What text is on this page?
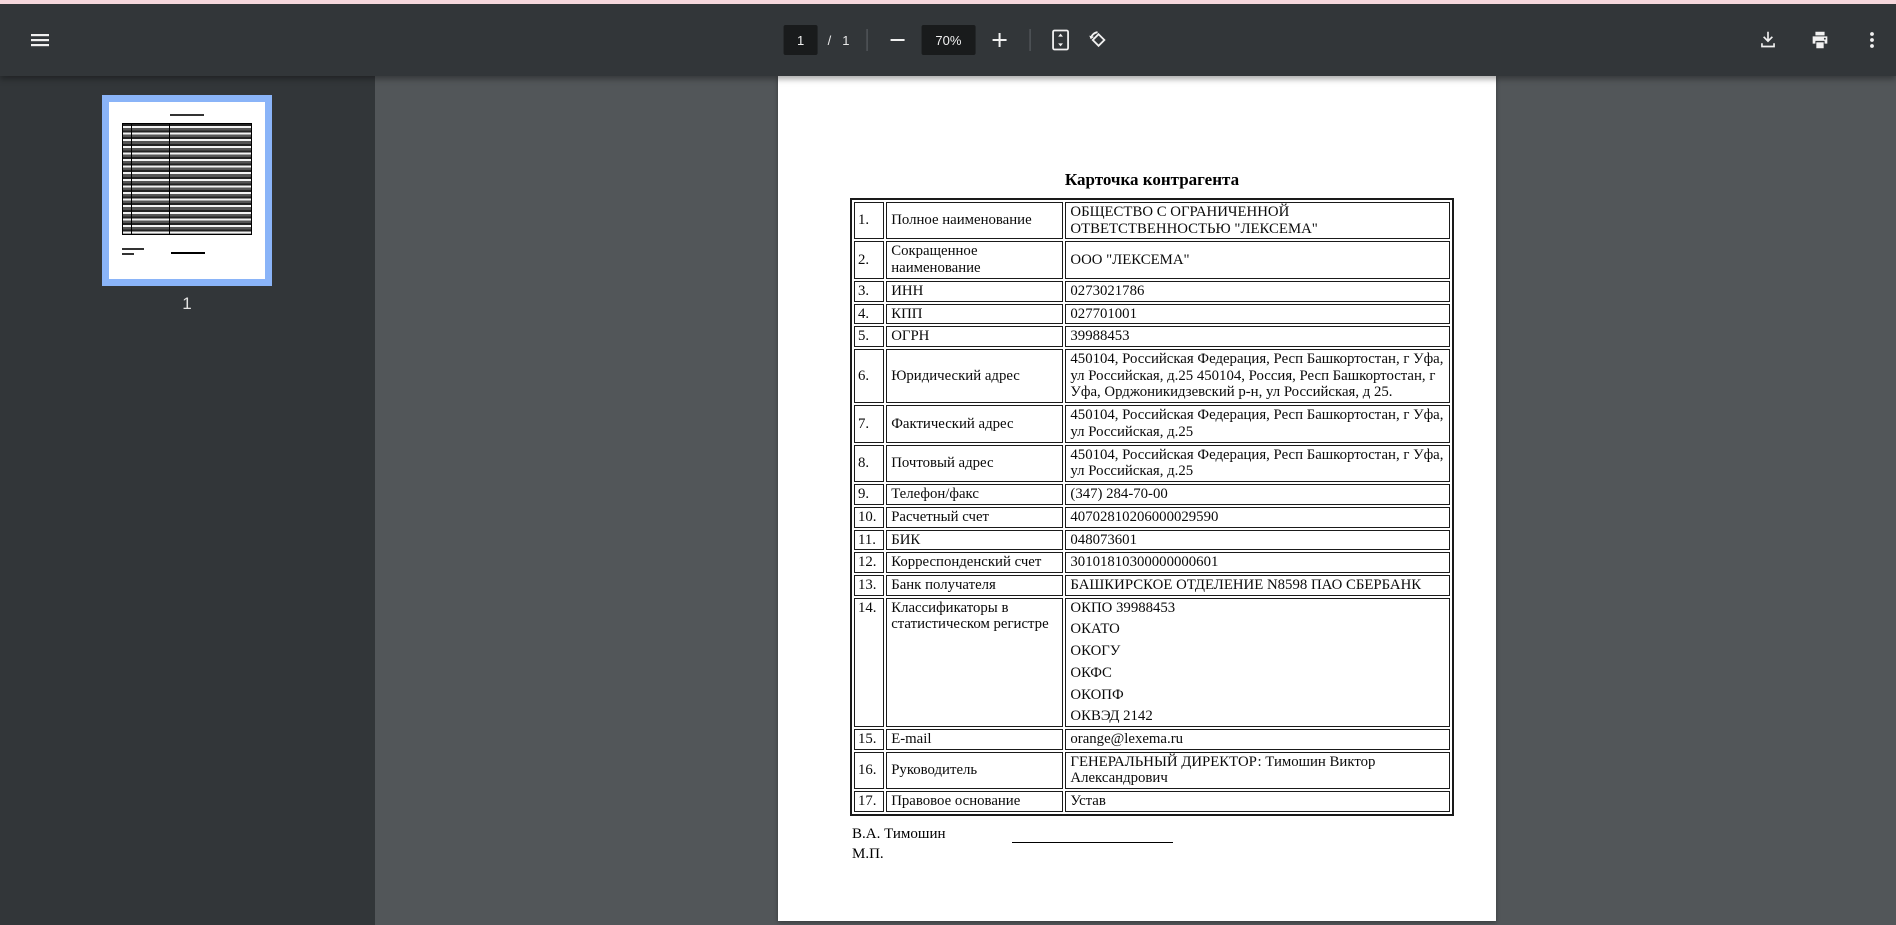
1
/ 1	70%
1
Карточка контрагента
1.	Полное наименование	ОБЩЕСТВО С ОГРАНИЧЕННОЙ ОТВЕТСТВЕННОСТЬЮ "ЛЕКСЕМА"
2.	Сокращенное наименование	ООО "ЛЕКСЕМА"
3.	ИНН	0273021786
4.	КПП	027701001
5.	ОГРН	39988453
6.	Юридический адрес	450104, Российская Федерация, Респ Башкортостан, г Уфа, ул Российская, д.25 450104, Россия, Респ Башкортостан, г Уфа, Орджоникидзевский р-н, ул Российская, д 25.
7.	Фактический адрес	450104, Российская Федерация, Респ Башкортостан, г Уфа, ул Российская, д.25
8.	Почтовый адрес	450104, Российская Федерация, Респ Башкортостан, г Уфа, ул Российская, д.25
9.	Телефон/факс	(347) 284-70-00
10.	Расчетный счет	40702810206000029590
11.	БИК	048073601
12.	Корреспонденский счет	30101810300000000601
13.	Банк получателя	БАШКИРСКОЕ ОТДЕЛЕНИЕ N8598 ПАО СБЕРБАНК
14.	Классификаторы в статистическом регистре	
ОКПО 39988453
ОКАТО
ОКОГУ
ОКФС
ОКОПФ
ОКВЭД 2142

15.	E-mail	orange@lexema.ru
16.	Руководитель	ГЕНЕРАЛЬНЫЙ ДИРЕКТОР: Тимошин Виктор Александрович
17.	Правовое основание	Устав
В.А. Тимошин
М.П.
